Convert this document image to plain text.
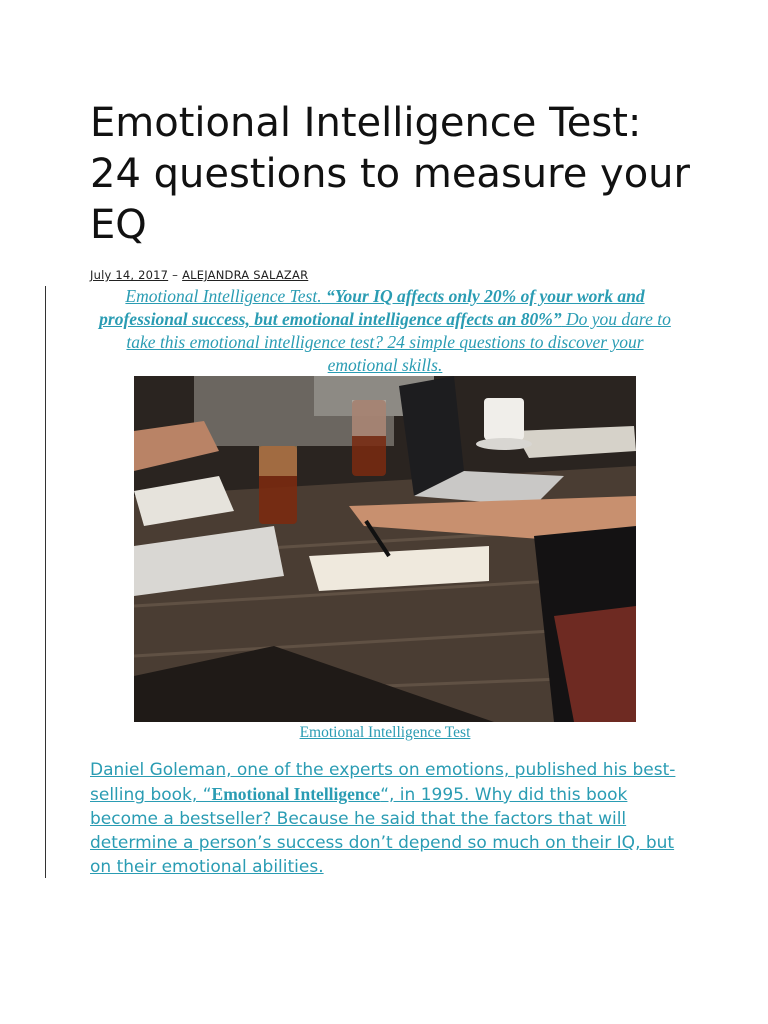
Emotional Intelligence Test: 24 questions to measure your EQ
July 14, 2017 – ALEJANDRA SALAZAR

Emotional Intelligence Test. “Your IQ affects only 20% of your work and professional success, but emotional intelligence affects an 80%” Do you dare to take this emotional intelligence test? 24 simple questions to discover your emotional skills.

Emotional Intelligence Test

Daniel Goleman, one of the experts on emotions, published his best-selling book, “Emotional Intelligence“, in 1995. Why did this book become a bestseller? Because he said that the factors that will determine a person’s success don’t depend so much on their IQ, but on their emotional abilities.
